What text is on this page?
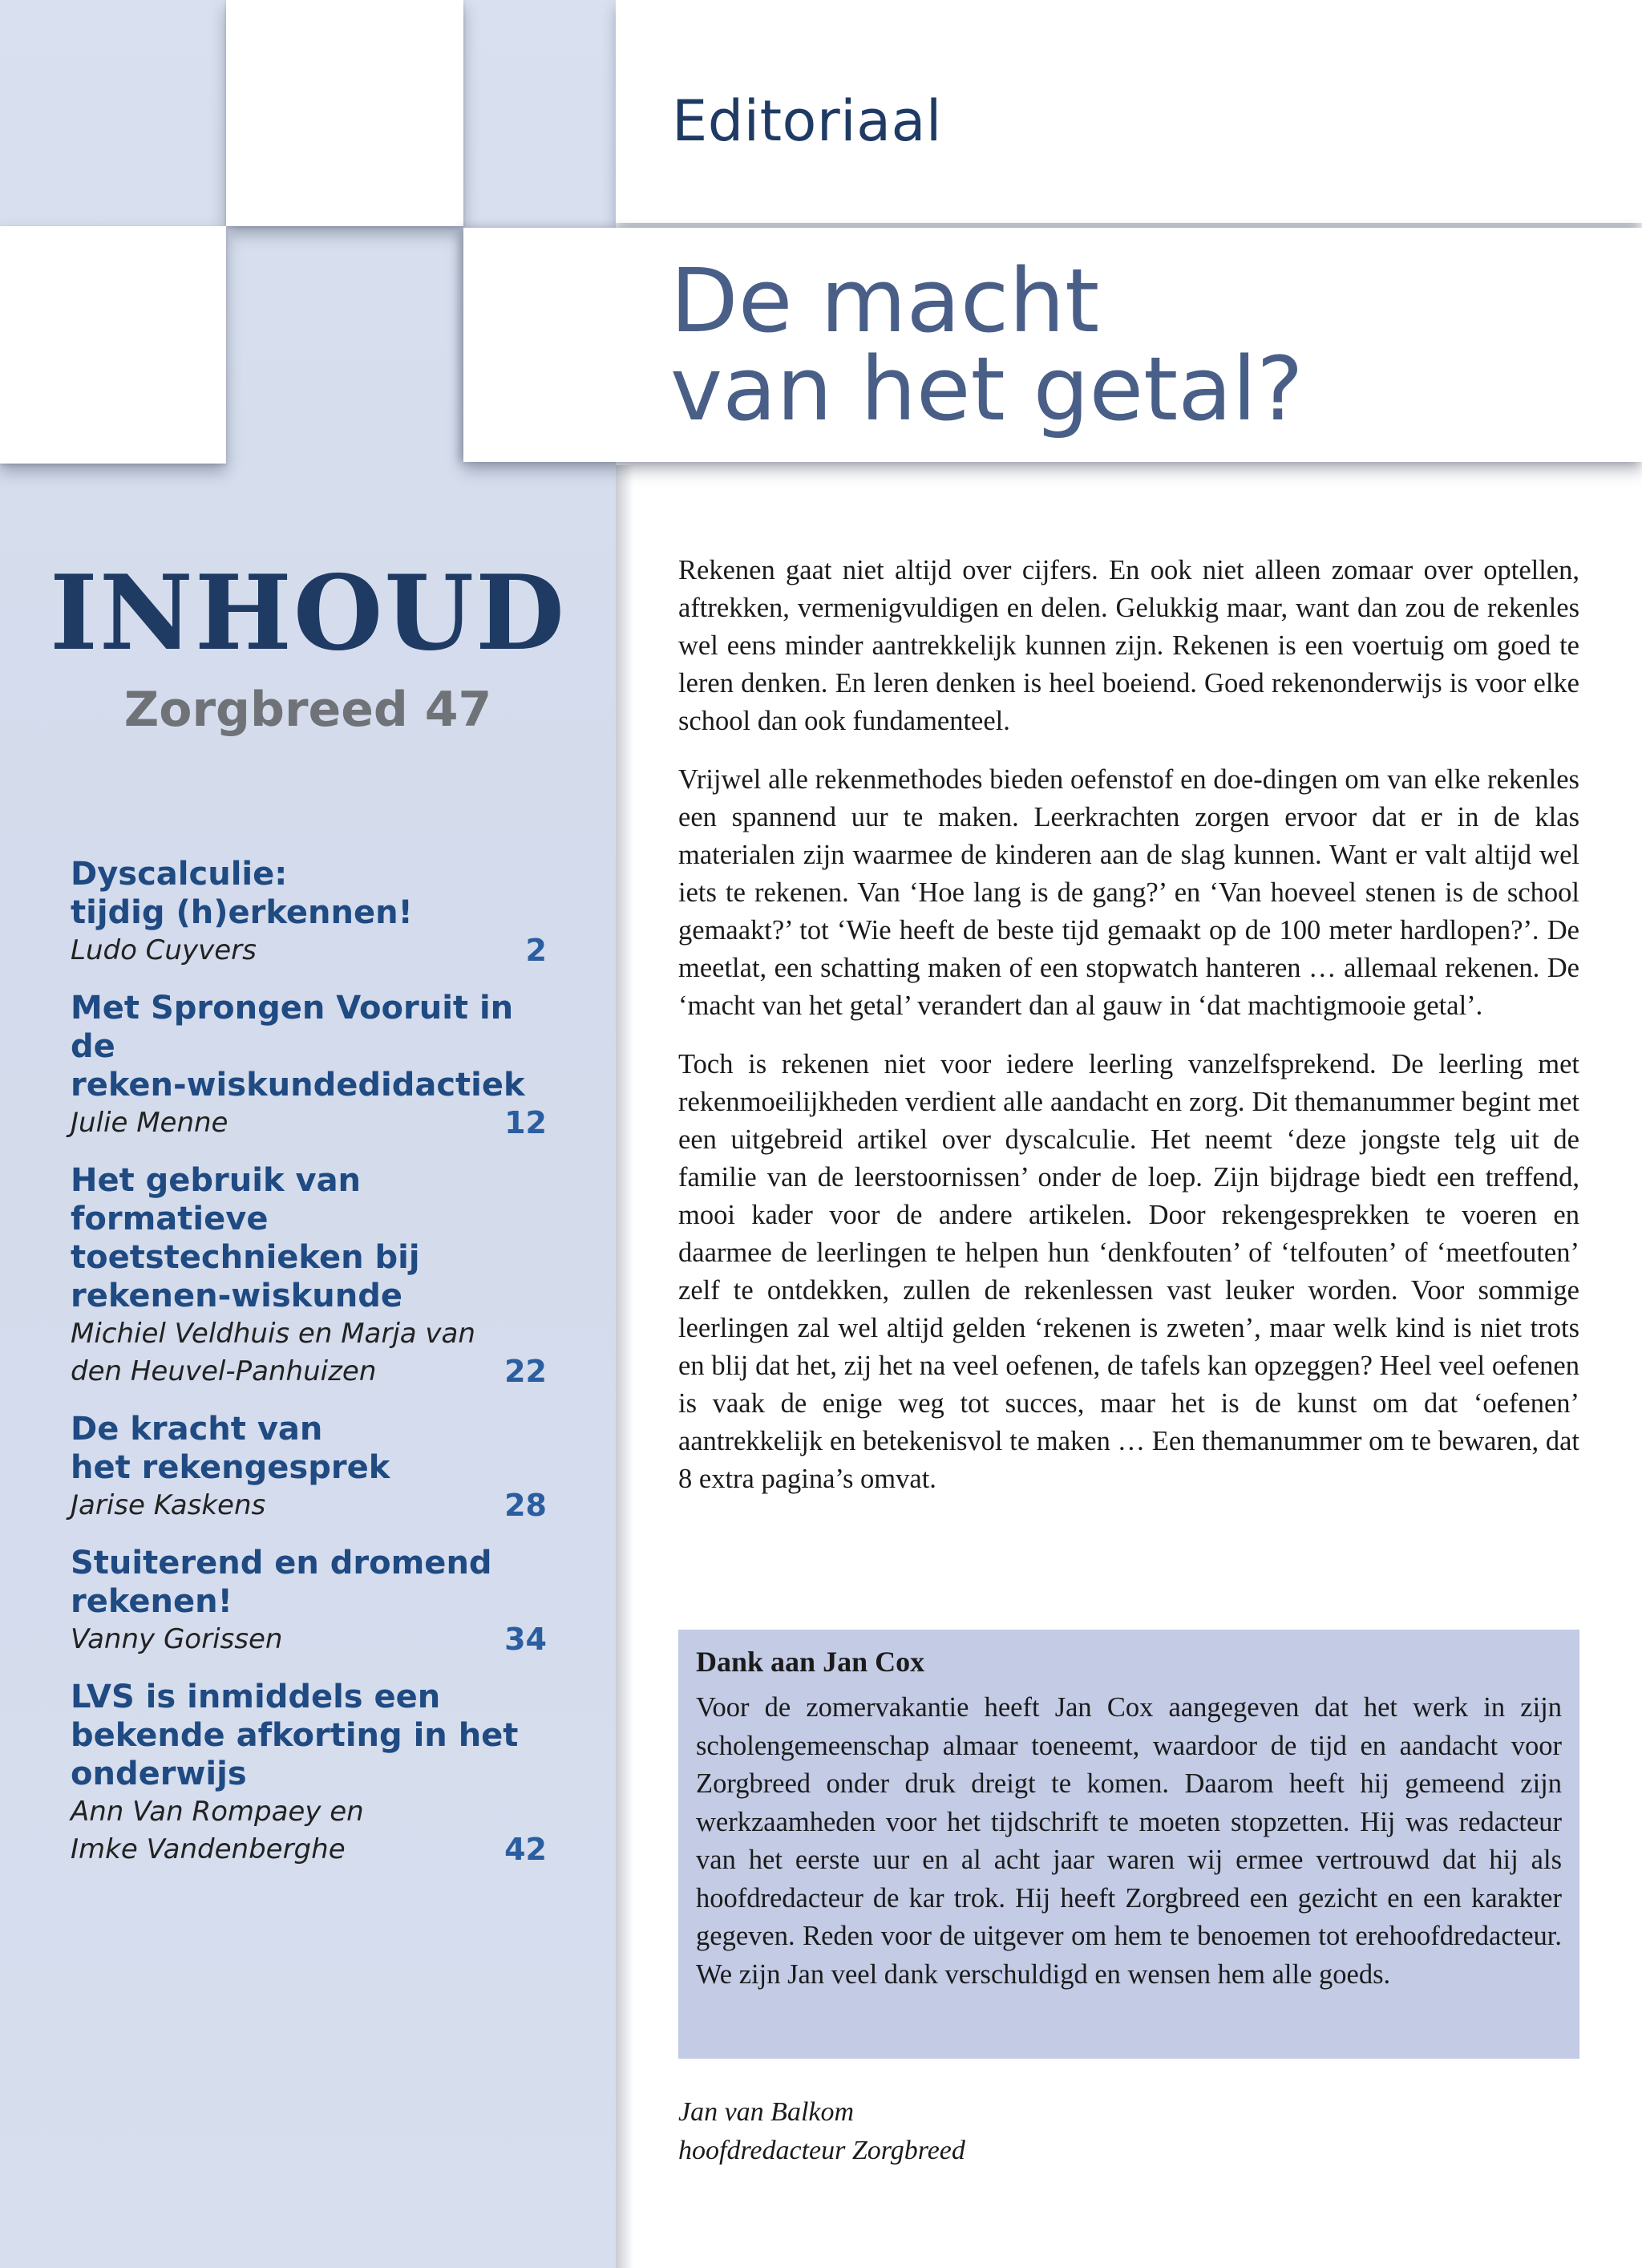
Editoriaal
De macht
van het getal?
INHOUD
Zorgbreed 47
Dyscalculie:
tijdig (h)erkennen!
Ludo Cuyvers	2
Met Sprongen Vooruit in de
reken-wiskundedidactiek
Julie Menne	12
Het gebruik van formatieve
toetstechnieken bij
rekenen-wiskunde
Michiel Veldhuis en Marja van
den Heuvel-Panhuizen	22
De kracht van
het rekengesprek
Jarise Kaskens	28
Stuiterend en dromend
rekenen!
Vanny Gorissen	34
LVS is inmiddels een
bekende afkorting in het
onderwijs
Ann Van Rompaey en
Imke Vandenberghe	42

Rekenen gaat niet altijd over cijfers. En ook niet alleen zomaar over optellen, aftrekken, vermenigvuldigen en delen. Gelukkig maar, want dan zou de rekenles wel eens minder aantrekkelijk kunnen zijn. Rekenen is een voertuig om goed te leren denken. En leren denken is heel boeiend. Goed rekenonderwijs is voor elke school dan ook fundamenteel.

Vrijwel alle rekenmethodes bieden oefenstof en doe-dingen om van elke rekenles een spannend uur te maken. Leerkrachten zorgen ervoor dat er in de klas materialen zijn waarmee de kinderen aan de slag kunnen. Want er valt altijd wel iets te rekenen. Van ‘Hoe lang is de gang?’ en ‘Van hoeveel stenen is de school gemaakt?’ tot ‘Wie heeft de beste tijd gemaakt op de 100 meter hardlopen?’. De meetlat, een schatting maken of een stopwatch hanteren … allemaal rekenen. De ‘macht van het getal’ verandert dan al gauw in ‘dat machtigmooie getal’.

Toch is rekenen niet voor iedere leerling vanzelfsprekend. De leerling met rekenmoeilijkheden verdient alle aandacht en zorg. Dit themanummer begint met een uitgebreid artikel over dyscalculie. Het neemt ‘deze jongste telg uit de familie van de leerstoornissen’ onder de loep. Zijn bijdrage biedt een treffend, mooi kader voor de andere artikelen. Door rekengesprekken te voeren en daarmee de leerlingen te helpen hun ‘denkfouten’ of ‘telfouten’ of ‘meetfouten’ zelf te ontdekken, zullen de rekenlessen vast leuker worden. Voor sommige leerlingen zal wel altijd gelden ‘rekenen is zweten’, maar welk kind is niet trots en blij dat het, zij het na veel oefenen, de tafels kan opzeggen? Heel veel oefenen is vaak de enige weg tot succes, maar het is de kunst om dat ‘oefenen’ aantrekkelijk en betekenisvol te maken … Een themanummer om te bewaren, dat 8 extra pagina’s omvat.

Dank aan Jan Cox

Voor de zomervakantie heeft Jan Cox aangegeven dat het werk in zijn scholengemeenschap almaar toeneemt, waardoor de tijd en aandacht voor Zorgbreed onder druk dreigt te komen. Daarom heeft hij gemeend zijn werkzaamheden voor het tijdschrift te moeten stopzetten. Hij was redacteur van het eerste uur en al acht jaar waren wij ermee vertrouwd dat hij als hoofdredacteur de kar trok. Hij heeft Zorgbreed een gezicht en een karakter gegeven. Reden voor de uitgever om hem te benoemen tot erehoofdredacteur. We zijn Jan veel dank verschuldigd en wensen hem alle goeds.

Jan van Balkom
hoofdredacteur Zorgbreed
